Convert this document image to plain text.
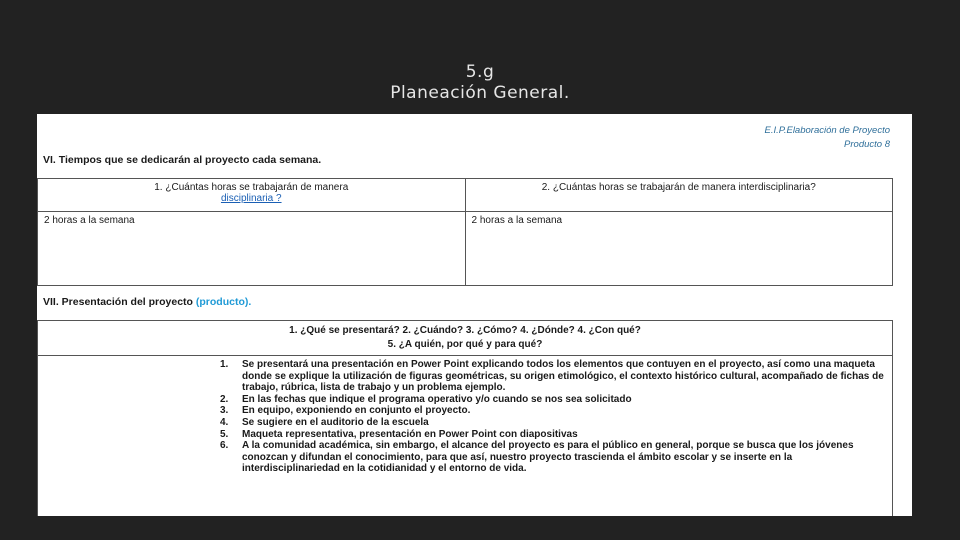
5.g
Planeación General.
E.I.P.Elaboración de Proyecto
Producto 8
VI. Tiempos que se dedicarán al proyecto cada semana.
1. ¿Cuántas horas se trabajarán de manera
disciplinaria ?	2. ¿Cuántas horas se trabajarán de manera interdisciplinaria?
2 horas a la semana	2 horas a la semana
VII. Presentación del proyecto (producto).
1. ¿Qué se presentará? 2. ¿Cuándo? 3. ¿Cómo? 4. ¿Dónde? 4. ¿Con qué?
5. ¿A quién, por qué y para qué?

1.	Se presentará una presentación en Power Point explicando todos los elementos que contuyen en el proyecto, así como una maqueta donde se explique la utilización de figuras geométricas, su origen etimológico, el contexto histórico cultural, acompañado de fichas de trabajo, rúbrica, lista de trabajo y un problema ejemplo.
2.	En las fechas que indique el programa operativo y/o cuando se nos sea solicitado
3.	En equipo, exponiendo en conjunto el proyecto.
4.	Se sugiere en el auditorio de la escuela
5.	Maqueta representativa, presentación en Power Point con diapositivas
6.	A la comunidad académica, sin embargo, el alcance del proyecto es para el público en general, porque se busca que los jóvenes conozcan y difundan el conocimiento, para que así, nuestro proyecto trascienda el ámbito escolar y se inserte en la interdisciplinariedad en la cotidianidad y el entorno de vida.
